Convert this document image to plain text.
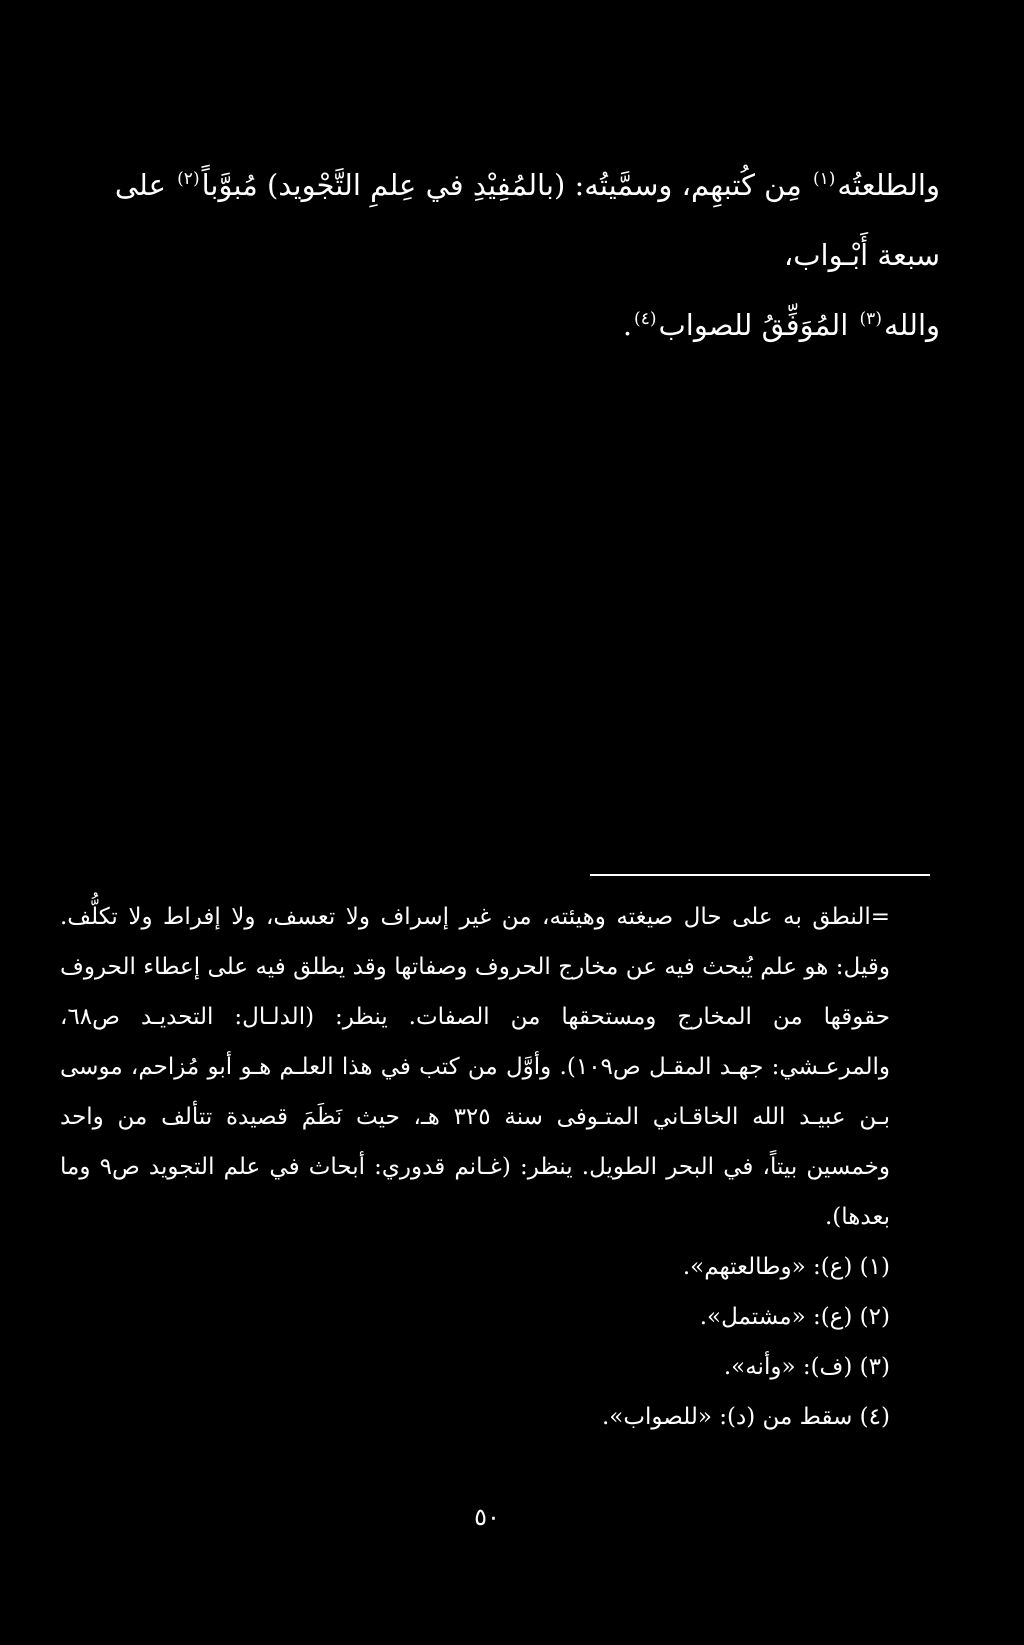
والطلعتُه$^{(١)}$ مِن كُتبهِم، وسمَّيتُه: (بالمُفِيْدِ في عِلمِ التَّجْويد) مُبوَّباً$^{(٢)}$ على سبعة أَبْـواب،

والله$^{(٣)}$ المُوَفِّقُ للصواب$^{(٤)}$.

=النطق به على حال صيغته وهيئته، من غير إسراف ولا تعسف، ولا إفراط ولا تكلُّف. وقيل: هو علم يُبحث فيه عن مخارج الحروف وصفاتها وقد يطلق فيه على إعطاء الحروف حقوقها من المخارج ومستحقها من الصفات. ينظر: (الدلـال: التحديـد ص٦٨، والمرعـشي: جهـد المقـل ص١٠٩). وأوَّل من كتب في هذا العلـم هـو أبو مُزاحم، موسى بـن عبيـد الله الخاقـاني المتـوفى سنة ٣٢٥ هـ، حيث نَظَمَ قصيدة تتألف من واحد وخمسين بيتاً، في البحر الطويل. ينظر: (غـانم قدوري: أبحاث في علم التجويد ص٩ وما بعدها).

(١) (ع): «وطالعتهم».

(٢) (ع): «مشتمل».

(٣) (ف): «وأنه».

(٤) سقط من (د): «للصواب».

٥٠
